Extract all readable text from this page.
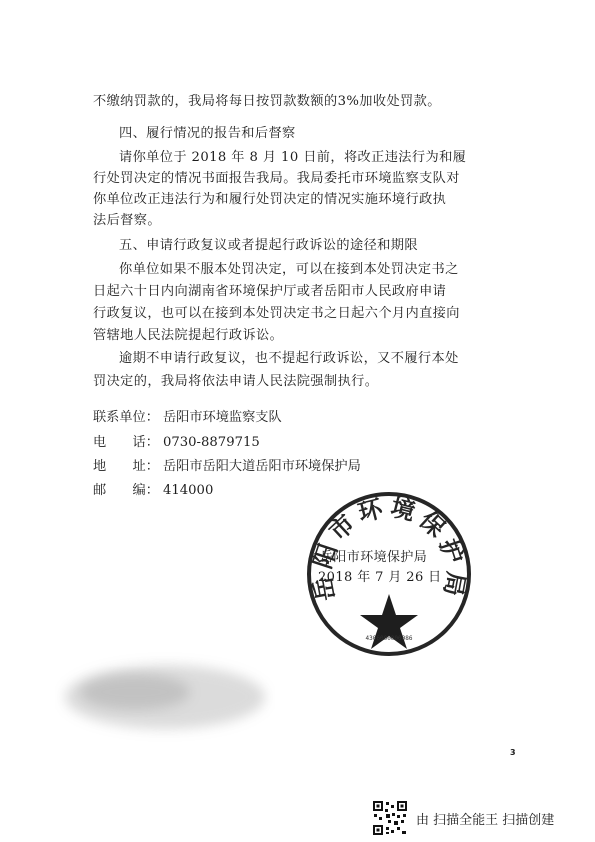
不缴纳罚款的，我局将每日按罚款数额的3%加收处罚款。
四、履行情况的报告和后督察
请你单位于 2018 年 8 月 10 日前，将改正违法行为和履
行处罚决定的情况书面报告我局。我局委托市环境监察支队对
你单位改正违法行为和履行处罚决定的情况实施环境行政执
法后督察。
五、申请行政复议或者提起行政诉讼的途径和期限
你单位如果不服本处罚决定，可以在接到本处罚决定书之
日起六十日内向湖南省环境保护厅或者岳阳市人民政府申请
行政复议，也可以在接到本处罚决定书之日起六个月内直接向
管辖地人民法院提起行政诉讼。
逾期不申请行政复议，也不提起行政诉讼，又不履行本处
罚决定的，我局将依法申请人民法院强制执行。
联系单位： 岳阳市环境监察支队
电　　话： 0730-8879715
地　　址： 岳阳市岳阳大道岳阳市环境保护局
邮　　编： 414000
岳阳市环境保护局
2018 年 7 月 26 日
岳阳市环境保护局
4306000000086
3
由 扫描全能王 扫描创建
